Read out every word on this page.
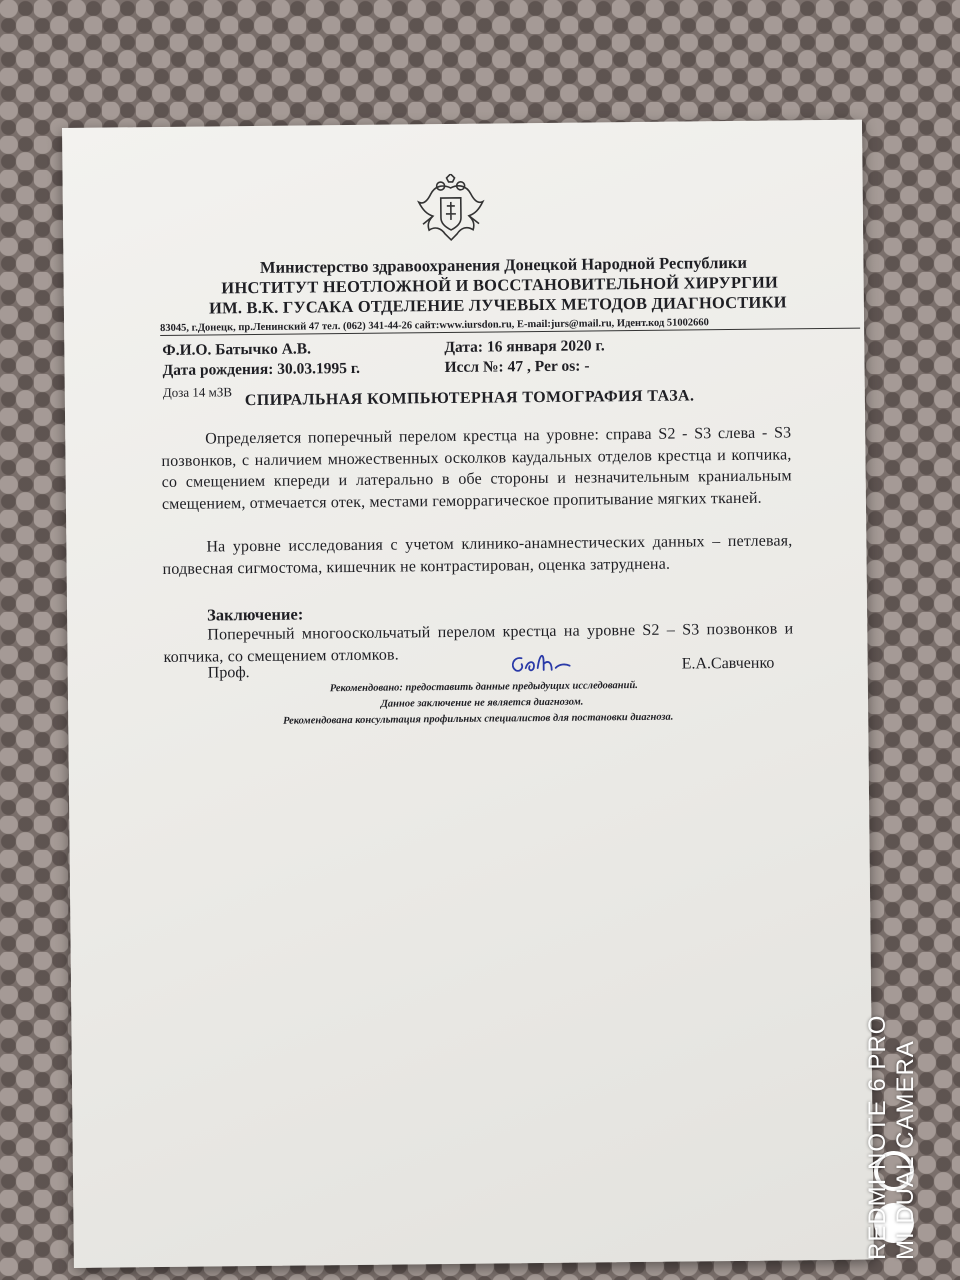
Министерство здравоохранения Донецкой Народной Республики
ИНСТИТУТ НЕОТЛОЖНОЙ И ВОССТАНОВИТЕЛЬНОЙ ХИРУРГИИ
ИМ. В.К. ГУСАКА ОТДЕЛЕНИЕ ЛУЧЕВЫХ МЕТОДОВ ДИАГНОСТИКИ
83045, г.Донецк, пр.Ленинский 47 тел. (062) 341-44-26 сайт:www.iursdon.ru, E-mail:jurs@mail.ru, Идент.код 51002660
Ф.И.О. Батычко А.В.
Дата рождения: 30.03.1995 г.
Доза 14 мЗВ
Дата: 16 января 2020 г.
Иссл №: 47 , Per os: -
СПИРАЛЬНАЯ КОМПЬЮТЕРНАЯ ТОМОГРАФИЯ ТАЗА.
Определяется поперечный перелом крестца на уровне: справа S2 - S3 слева - S3 позвонков, с наличием множественных осколков каудальных отделов крестца и копчика, со смещением кпереди и латерально в обе стороны и незначительным краниальным смещением, отмечается отек, местами геморрагическое пропитывание мягких тканей.
На уровне исследования с учетом клинико-анамнестических данных – петлевая, подвесная сигмостома, кишечник не контрастирован, оценка затруднена.
Заключение:
Поперечный многооскольчатый перелом крестца на уровне S2 – S3 позвонков и копчика, со смещением отломков.
Проф.
Е.А.Савченко
Рекомендовано: предоставить данные предыдущих исследований.
Данное заключение не является диагнозом.
Рекомендована консультация профильных специалистов для постановки диагноза.
REDMI NOTE 6 PRO MI DUAL CAMERA
